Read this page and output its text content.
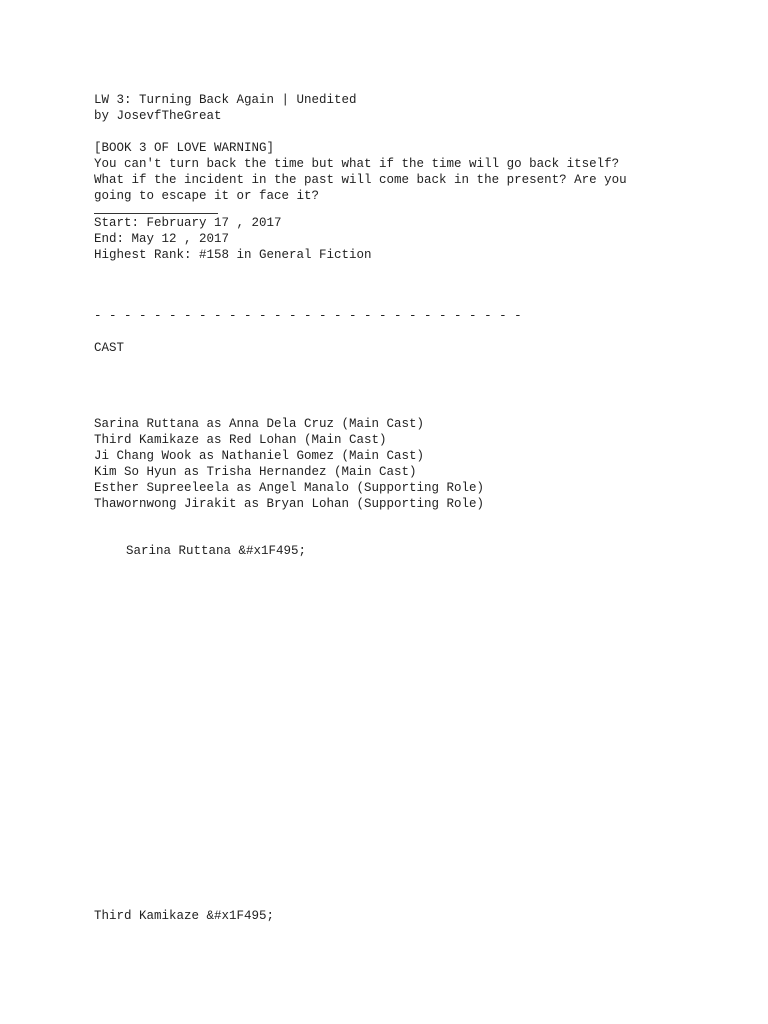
LW 3: Turning Back Again | Unedited
by JosevfTheGreat
[BOOK 3 OF LOVE WARNING]
You can't turn back the time but what if the time will go back itself?
What if the incident in the past will come back in the present? Are you
going to escape it or face it?
Start: February 17 , 2017
End: May 12 , 2017
Highest Rank: #158 in General Fiction
- - - - - - - - - - - - - - - - - - - - - - - - - - - - -
CAST
Sarina Ruttana as Anna Dela Cruz (Main Cast)
Third Kamikaze as Red Lohan (Main Cast)
Ji Chang Wook as Nathaniel Gomez (Main Cast)
Kim So Hyun as Trisha Hernandez (Main Cast)
Esther Supreeleela as Angel Manalo (Supporting Role)
Thawornwong Jirakit as Bryan Lohan (Supporting Role)
Sarina Ruttana &#x1F495;
Third Kamikaze &#x1F495;
